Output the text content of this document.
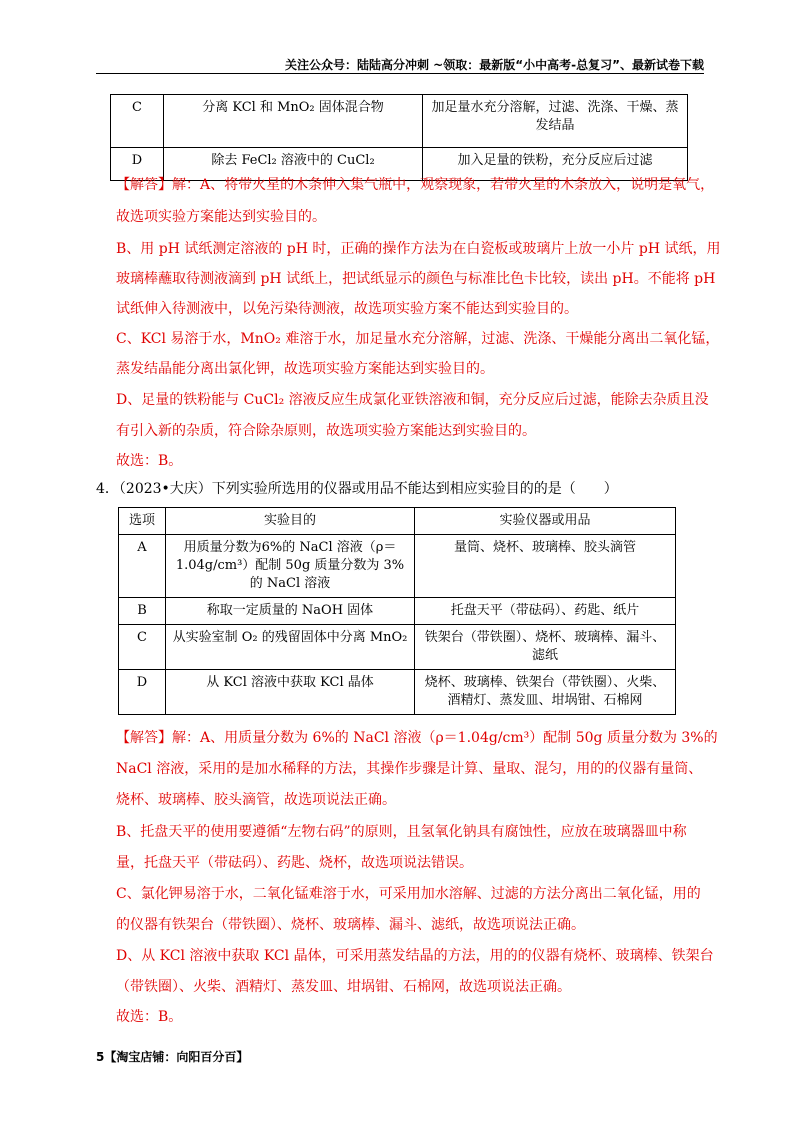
关注公众号：陆陆高分冲刺 ~领取：最新版“小中高考-总复习”、最新试卷下载
C	分离 KCl 和 MnO₂ 固体混合物	加足量水充分溶解，过滤、洗涤、干燥、蒸发结晶
D	除去 FeCl₂ 溶液中的 CuCl₂	加入足量的铁粉，充分反应后过滤
【解答】解：A、将带火星的木条伸入集气瓶中，观察现象，若带火星的木条放入，说明是氧气，
故选项实验方案能达到实验目的。
B、用 pH 试纸测定溶液的 pH 时，正确的操作方法为在白瓷板或玻璃片上放一小片 pH 试纸，用
玻璃棒蘸取待测液滴到 pH 试纸上，把试纸显示的颜色与标准比色卡比较，读出 pH。不能将 pH
试纸伸入待测液中，以免污染待测液，故选项实验方案不能达到实验目的。
C、KCl 易溶于水，MnO₂ 难溶于水，加足量水充分溶解，过滤、洗涤、干燥能分离出二氧化锰，
蒸发结晶能分离出氯化钾，故选项实验方案能达到实验目的。
D、足量的铁粉能与 CuCl₂ 溶液反应生成氯化亚铁溶液和铜，充分反应后过滤，能除去杂质且没
有引入新的杂质，符合除杂原则，故选项实验方案能达到实验目的。
故选：B。
4．（2023•大庆）下列实验所选用的仪器或用品不能达到相应实验目的的是（　　）
选项	实验目的	实验仪器或用品
A	用质量分数为6%的 NaCl 溶液（ρ＝1.04g/cm³）配制 50g 质量分数为 3%的 NaCl 溶液	量筒、烧杯、玻璃棒、胶头滴管
B	称取一定质量的 NaOH 固体	托盘天平（带砝码）、药匙、纸片
C	从实验室制 O₂ 的残留固体中分离 MnO₂	铁架台（带铁圈）、烧杯、玻璃棒、漏斗、滤纸
D	从 KCl 溶液中获取 KCl 晶体	烧杯、玻璃棒、铁架台（带铁圈）、火柴、酒精灯、蒸发皿、坩埚钳、石棉网
【解答】解：A、用质量分数为 6%的 NaCl 溶液（ρ＝1.04g/cm³）配制 50g 质量分数为 3%的
NaCl 溶液，采用的是加水稀释的方法，其操作步骤是计算、量取、混匀，用的的仪器有量筒、
烧杯、玻璃棒、胶头滴管，故选项说法正确。
B、托盘天平的使用要遵循“左物右码”的原则，且氢氧化钠具有腐蚀性，应放在玻璃器皿中称
量，托盘天平（带砝码）、药匙、烧杯，故选项说法错误。
C、氯化钾易溶于水，二氧化锰难溶于水，可采用加水溶解、过滤的方法分离出二氧化锰，用的
的仪器有铁架台（带铁圈）、烧杯、玻璃棒、漏斗、滤纸，故选项说法正确。
D、从 KCl 溶液中获取 KCl 晶体，可采用蒸发结晶的方法，用的的仪器有烧杯、玻璃棒、铁架台
（带铁圈）、火柴、酒精灯、蒸发皿、坩埚钳、石棉网，故选项说法正确。
故选：B。
5【淘宝店铺：向阳百分百】
